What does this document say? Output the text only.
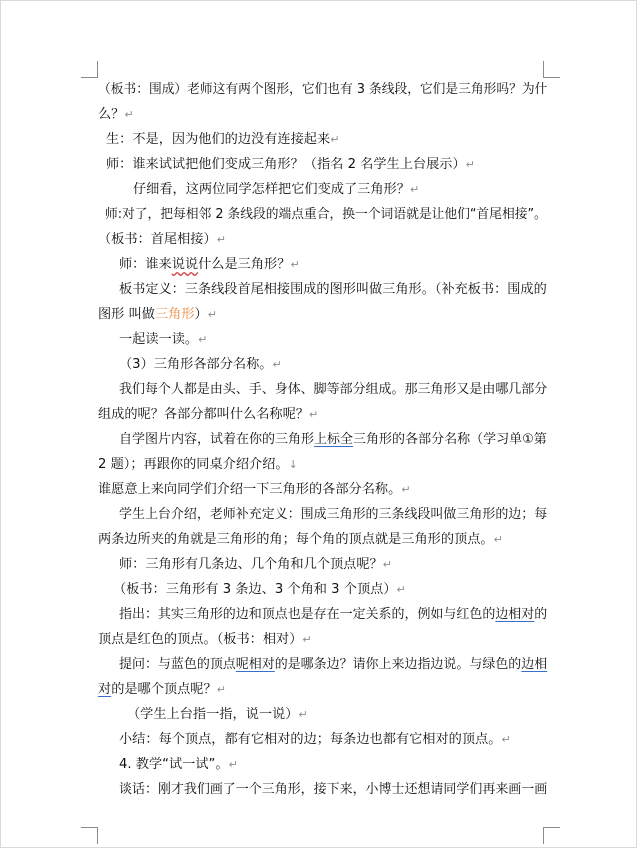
（板书：围成）老师这有两个图形，它们也有 3 条线段，它们是三角形吗？为什
么？↵
生：不是，因为他们的边没有连接起来↵
师：谁来试试把他们变成三角形？（指名 2 名学生上台展示）↵
仔细看，这两位同学怎样把它们变成了三角形？↵
师:对了，把每相邻 2 条线段的端点重合，换一个词语就是让他们“首尾相接”。
（板书：首尾相接）↵
师：谁来说说什么是三角形？↵
板书定义：三条线段首尾相接围成的图形叫做三角形。（补充板书：围成的
图形 叫做三角形）↵
一起读一读。↵
（3）三角形各部分名称。↵
我们每个人都是由头、手、身体、脚等部分组成。那三角形又是由哪几部分
组成的呢？各部分都叫什么名称呢？↵
自学图片内容，试着在你的三角形上标全三角形的各部分名称（学习单①第
2 题）；再跟你的同桌介绍介绍。↓
谁愿意上来向同学们介绍一下三角形的各部分名称。↵
学生上台介绍，老师补充定义：围成三角形的三条线段叫做三角形的边；每
两条边所夹的角就是三角形的角；每个角的顶点就是三角形的顶点。↵
师：三角形有几条边、几个角和几个顶点呢？↵
（板书：三角形有 3 条边、3 个角和 3 个顶点）↵
指出：其实三角形的边和顶点也是存在一定关系的，例如与红色的边相对的
顶点是红色的顶点。（板书：相对）↵
提问：与蓝色的顶点呢相对的是哪条边？请你上来边指边说。与绿色的边相
对的是哪个顶点呢？↵
（学生上台指一指，说一说）↵
小结：每个顶点，都有它相对的边；每条边也都有它相对的顶点。↵
4. 教学“试一试”。↵
谈话：刚才我们画了一个三角形，接下来，小博士还想请同学们再来画一画
